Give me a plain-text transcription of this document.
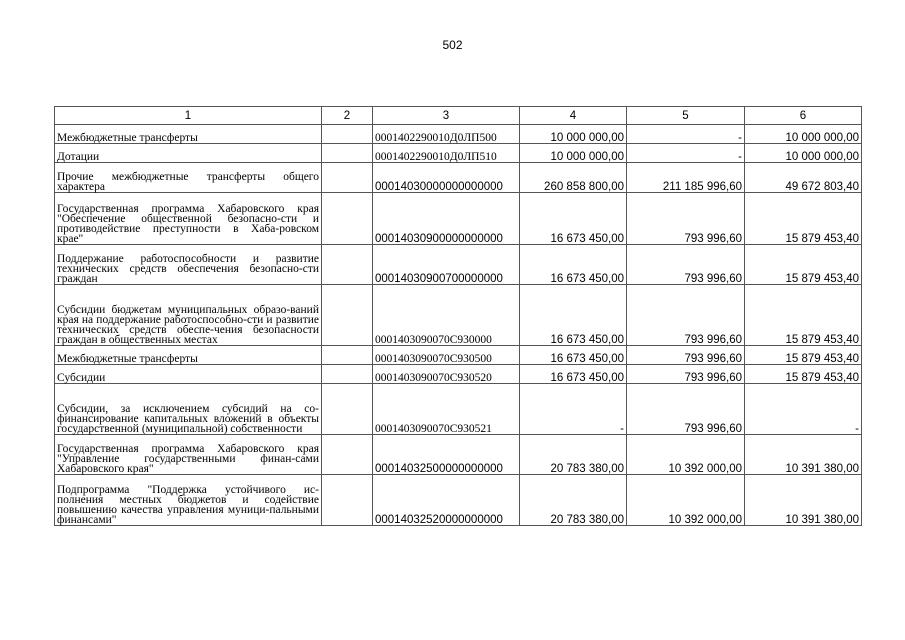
502
1	2	3	4	5	6
Межбюджетные трансферты		0001402290010Д0ЛП500	10 000 000,00	-	10 000 000,00
Дотации		0001402290010Д0ЛП510	10 000 000,00	-	10 000 000,00
Прочие межбюджетные трансферты общего характера		00014030000000000000	260 858 800,00	211 185 996,60	49 672 803,40
Государственная программа Хабаровского края "Обеспечение общественной безопасно-сти и противодействие преступности в Хаба-ровском крае"		00014030900000000000	16 673 450,00	793 996,60	15 879 453,40
Поддержание работоспособности и развитие технических средств обеспечения безопасно-сти граждан		00014030900700000000	16 673 450,00	793 996,60	15 879 453,40
Субсидии бюджетам муниципальных образо-ваний края на поддержание работоспособно-сти и развитие технических средств обеспе-чения безопасности граждан в общественных местах		0001403090070С930000	16 673 450,00	793 996,60	15 879 453,40
Межбюджетные трансферты		0001403090070С930500	16 673 450,00	793 996,60	15 879 453,40
Субсидии		0001403090070С930520	16 673 450,00	793 996,60	15 879 453,40
Субсидии, за исключением субсидий на со-финансирование капитальных вложений в объекты государственной (муниципальной) собственности		0001403090070С930521	-	793 996,60	-
Государственная программа Хабаровского края "Управление государственными финан-сами Хабаровского края"		00014032500000000000	20 783 380,00	10 392 000,00	10 391 380,00
Подпрограмма "Поддержка устойчивого ис-полнения местных бюджетов и содействие повышению качества управления муници-пальными финансами"		00014032520000000000	20 783 380,00	10 392 000,00	10 391 380,00
